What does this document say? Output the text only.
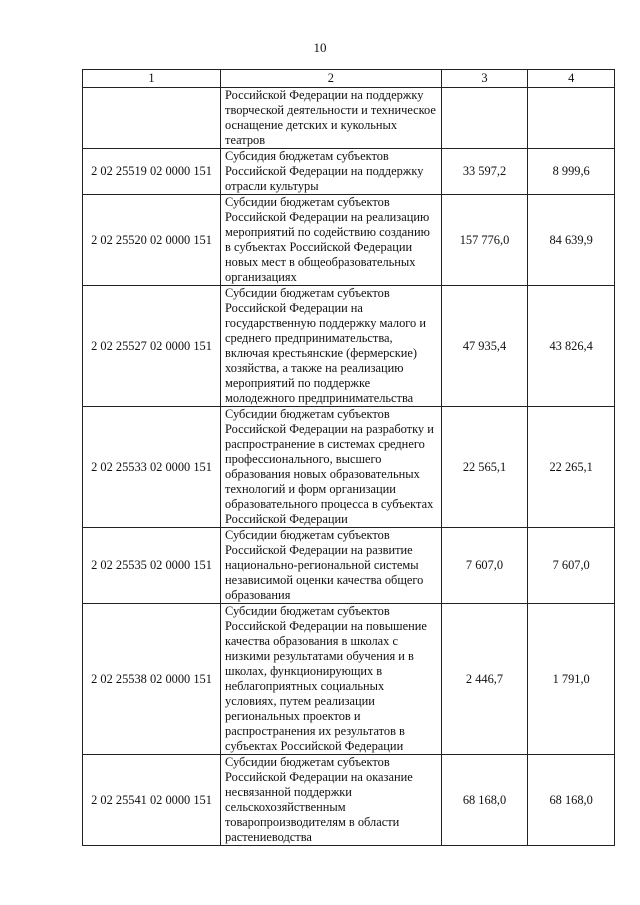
10
1	2	3	4
	Российской Федерации на поддержку творческой деятельности и техническое оснащение детских и кукольных театров		
2 02 25519 02 0000 151	Субсидия бюджетам субъектов Российской Федерации на поддержку отрасли культуры	33 597,2	8 999,6
2 02 25520 02 0000 151	Субсидии бюджетам субъектов Российской Федерации на реализацию мероприятий по содействию созданию в субъектах Российской Федерации новых мест в общеобразовательных организациях	157 776,0	84 639,9
2 02 25527 02 0000 151	Субсидии бюджетам субъектов Российской Федерации на государственную поддержку малого и среднего предпринимательства, включая крестьянские (фермерские) хозяйства, а также на реализацию мероприятий по поддержке молодежного предпринимательства	47 935,4	43 826,4
2 02 25533 02 0000 151	Субсидии бюджетам субъектов Российской Федерации на разработку и распространение в системах среднего профессионального, высшего образования новых образовательных технологий и форм организации образовательного процесса в субъектах Российской Федерации	22 565,1	22 265,1
2 02 25535 02 0000 151	Субсидии бюджетам субъектов Российской Федерации на развитие национально-региональной системы независимой оценки качества общего образования	7 607,0	7 607,0
2 02 25538 02 0000 151	Субсидии бюджетам субъектов Российской Федерации на повышение качества образования в школах с низкими результатами обучения и в школах, функционирующих в неблагоприятных социальных условиях, путем реализации региональных проектов и распространения их результатов в субъектах Российской Федерации	2 446,7	1 791,0
2 02 25541 02 0000 151	Субсидии бюджетам субъектов Российской Федерации на оказание несвязанной поддержки сельскохозяйственным товаропроизводителям в области растениеводства	68 168,0	68 168,0
